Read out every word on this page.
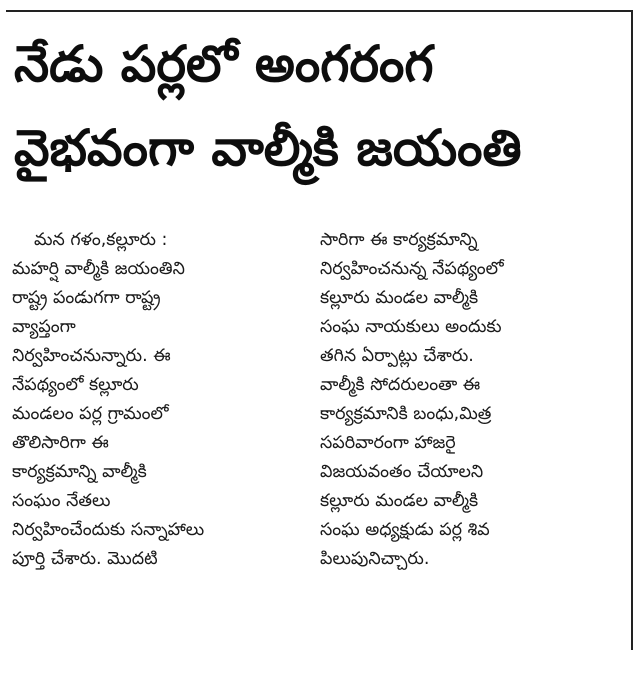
నేడు పర్లలో అంగరంగ
వైభవంగా వాల్మీకి జయంతి
మన గళం,కల్లూరు :
మహర్షి వాల్మీకి జయంతిని
రాష్ట్ర పండుగగా రాష్ట్ర
వ్యాప్తంగా
నిర్వహించనున్నారు. ఈ
నేపథ్యంలో కల్లూరు
మండలం పర్ల గ్రామంలో
తొలిసారిగా ఈ
కార్యక్రమాన్ని వాల్మీకి
సంఘం నేతలు
నిర్వహించేందుకు సన్నాహాలు
పూర్తి చేశారు. మొదటి
సారిగా ఈ కార్యక్రమాన్ని
నిర్వహించనున్న నేపథ్యంలో
కల్లూరు మండల వాల్మీకి
సంఘ నాయకులు అందుకు
తగిన ఏర్పాట్లు చేశారు.
వాల్మీకి సోదరులంతా ఈ
కార్యక్రమానికి బంధు,మిత్ర
సపరివారంగా హాజరై
విజయవంతం చేయాలని
కల్లూరు మండల వాల్మీకి
సంఘ అధ్యక్షుడు పర్ల శివ
పిలుపునిచ్చారు.
